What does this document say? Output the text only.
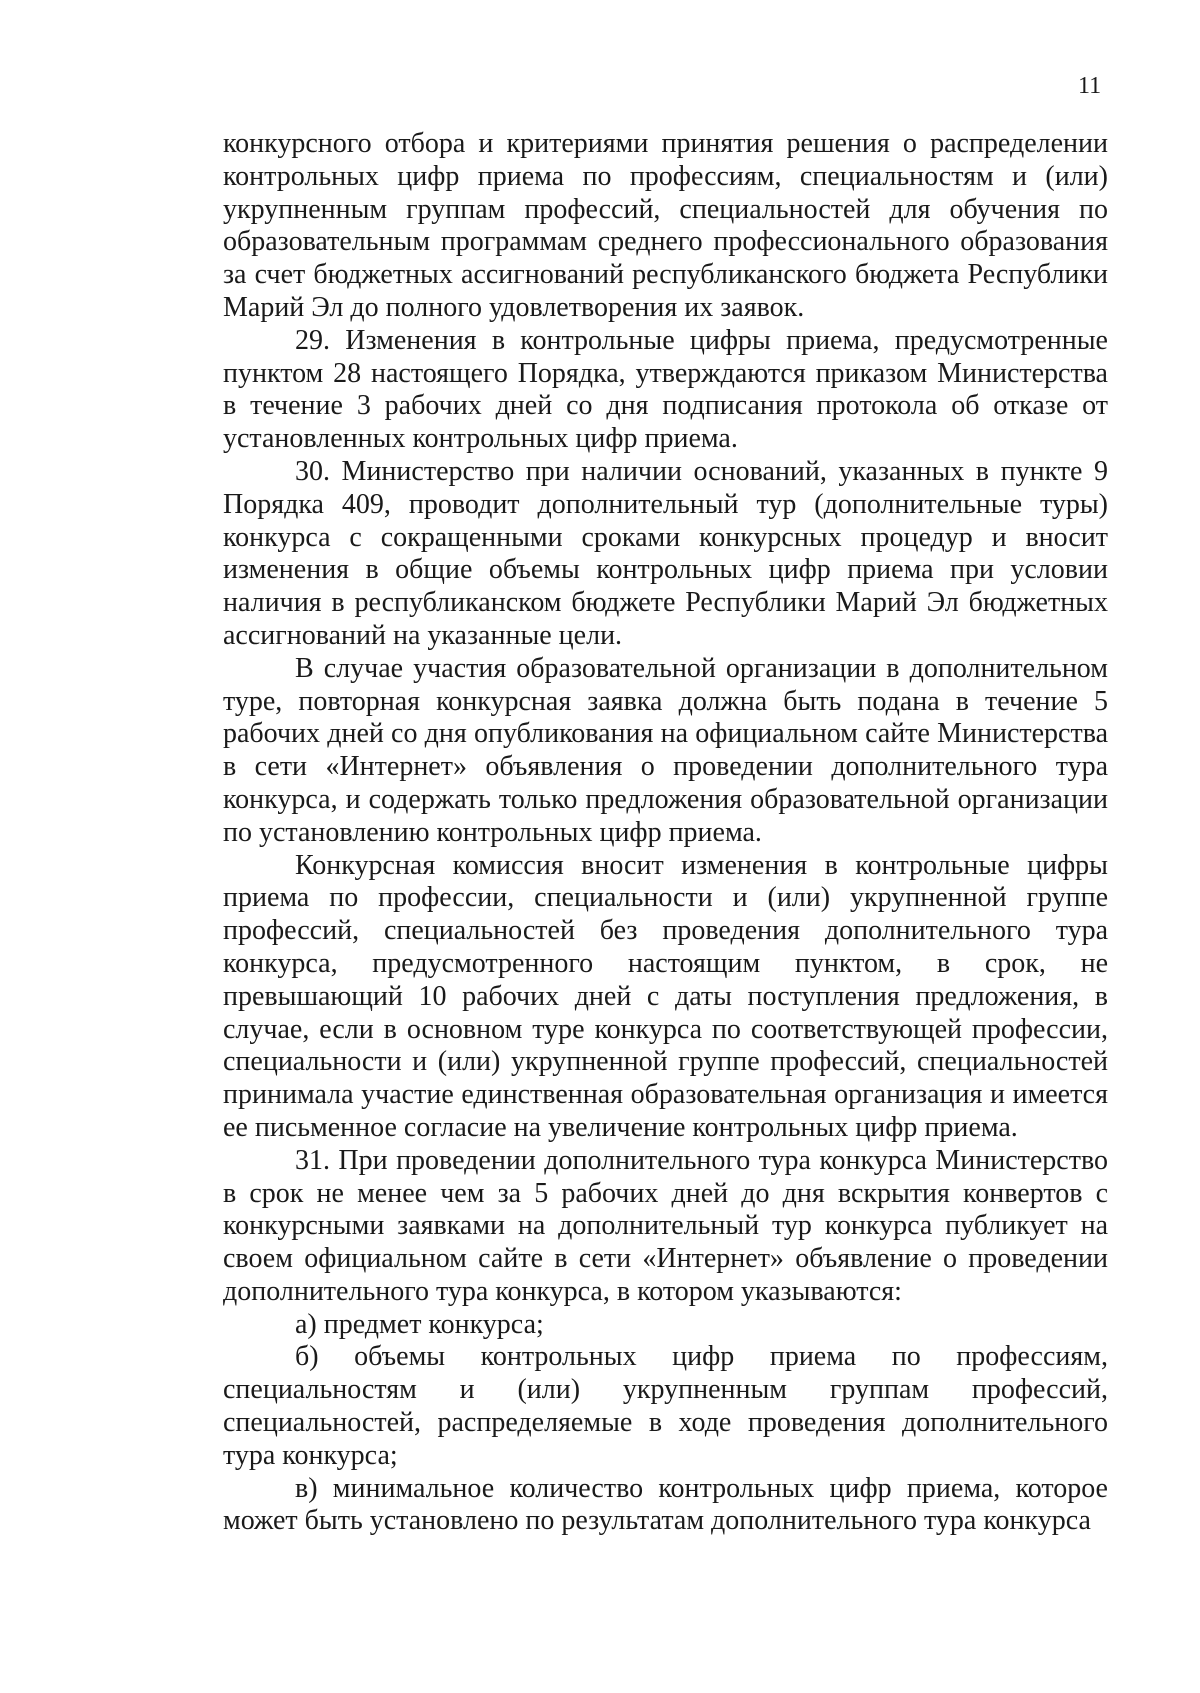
11

конкурсного отбора и критериями принятия решения о распределении контрольных цифр приема по профессиям, специальностям и (или) укрупненным группам профессий, специальностей для обучения по образовательным программам среднего профессионального образования за счет бюджетных ассигнований республиканского бюджета Республики Марий Эл до полного удовлетворения их заявок.

29. Изменения в контрольные цифры приема, предусмотренные пунктом 28 настоящего Порядка, утверждаются приказом Министерства в течение 3 рабочих дней со дня подписания протокола об отказе от установленных контрольных цифр приема.

30. Министерство при наличии оснований, указанных в пункте 9 Порядка 409, проводит дополнительный тур (дополнительные туры) конкурса с сокращенными сроками конкурсных процедур и вносит изменения в общие объемы контрольных цифр приема при условии наличия в республиканском бюджете Республики Марий Эл бюджетных ассигнований на указанные цели.

В случае участия образовательной организации в дополнительном туре, повторная конкурсная заявка должна быть подана в течение 5 рабочих дней со дня опубликования на официальном сайте Министерства в сети «Интернет» объявления о проведении дополнительного тура конкурса, и содержать только предложения образовательной организации по установлению контрольных цифр приема.

Конкурсная комиссия вносит изменения в контрольные цифры приема по профессии, специальности и (или) укрупненной группе профессий, специальностей без проведения дополнительного тура конкурса, предусмотренного настоящим пунктом, в срок, не превышающий 10 рабочих дней с даты поступления предложения, в случае, если в основном туре конкурса по соответствующей профессии, специальности и (или) укрупненной группе профессий, специальностей принимала участие единственная образовательная организация и имеется ее письменное согласие на увеличение контрольных цифр приема.

31. При проведении дополнительного тура конкурса Министерство в срок не менее чем за 5 рабочих дней до дня вскрытия конвертов с конкурсными заявками на дополнительный тур конкурса публикует на своем официальном сайте в сети «Интернет» объявление о проведении дополнительного тура конкурса, в котором указываются:

а) предмет конкурса;

б) объемы контрольных цифр приема по профессиям, специальностям и (или) укрупненным группам профессий, специальностей, распределяемые в ходе проведения дополнительного тура конкурса;

в) минимальное количество контрольных цифр приема, которое может быть установлено по результатам дополнительного тура конкурса
